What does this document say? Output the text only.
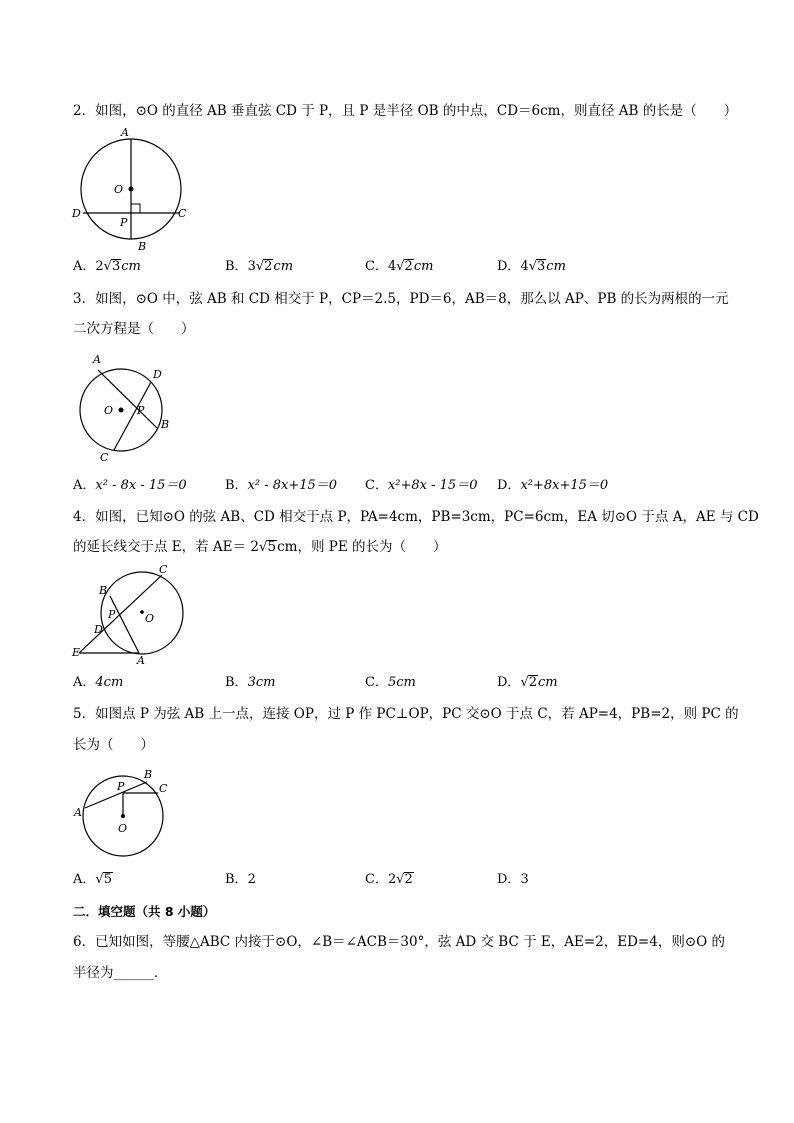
2．如图，⊙O 的直径 AB 垂直弦 CD 于 P，且 P 是半径 OB 的中点，CD＝6cm，则直径 AB 的长是（　　）
A
O
D	C
P
B
A．2√3cm	B．3√2cm	C．4√2cm	D．4√3cm
3．如图，⊙O 中，弦 AB 和 CD 相交于 P，CP＝2.5，PD＝6，AB＝8，那么以 AP、PB 的长为两根的一元
二次方程是（　　）
A
D
O P
B
C
A．x² - 8x - 15＝0	B．x² - 8x+15＝0 C．x²+8x - 15＝0 D．x²+8x+15＝0
4．如图，已知⊙O 的弦 AB、CD 相交于点 P，PA=4cm，PB=3cm，PC=6cm，EA 切⊙O 于点 A，AE 与 CD
的延长线交于点 E，若 AE＝ 2√5cm，则 PE 的长为（　　）
C
B
P	O
D
E
A
A．4cm	B．3cm	C．5cm	D．√2cm
5．如图点 P 为弦 AB 上一点，连接 OP，过 P 作 PC⊥OP，PC 交⊙O 于点 C，若 AP=4，PB=2，则 PC 的
长为（　　）
P
B
C
A
O
A．√5	B．2	C．2√2	D．3
二．填空题（共 8 小题）
6．已知如图，等腰△ABC 内接于⊙O，∠B＝∠ACB＝30°，弦 AD 交 BC 于 E，AE=2，ED=4，则⊙O 的
半径为______．
